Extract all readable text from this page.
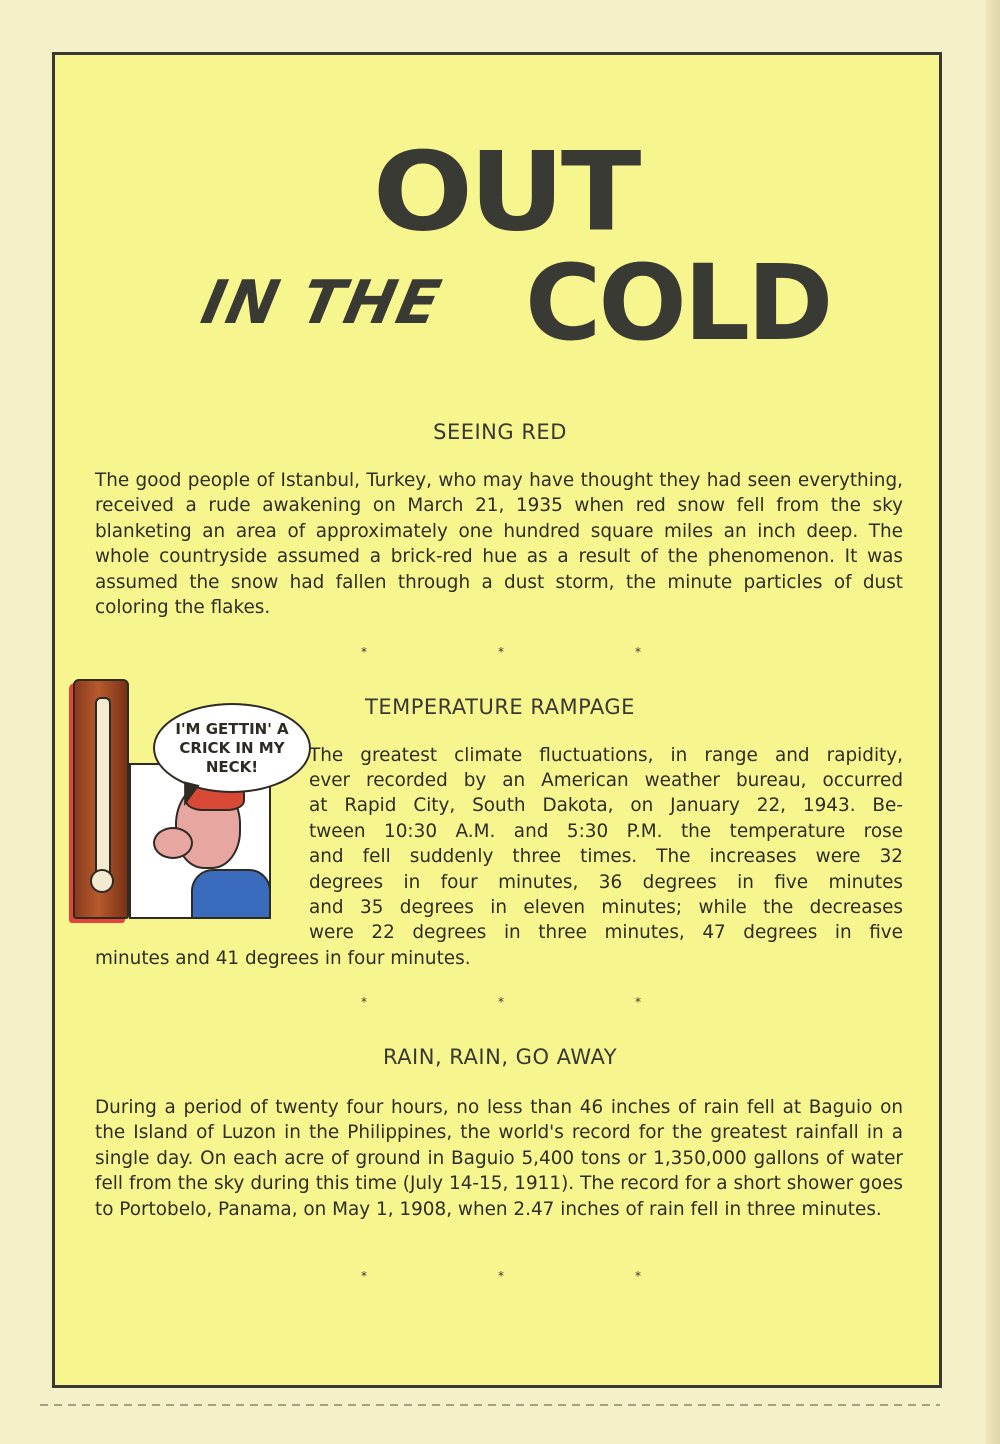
OUT
IN THE COLD
SEEING RED
The good people of Istanbul, Turkey, who may have thought they had seen everything, received a rude awakening on March 21, 1935 when red snow fell from the sky blanketing an area of approximately one hundred square miles an inch deep. The whole countryside assumed a brick-red hue as a result of the phenomenon. It was assumed the snow had fallen through a dust storm, the minute particles of dust coloring the flakes.
*	*	*
I'M GETTIN' A CRICK IN MY NECK!
TEMPERATURE RAMPAGE
The greatest climate fluctuations, in range and rapidity,
ever recorded by an American weather bureau, occurred
at Rapid City, South Dakota, on January 22, 1943. Be-
tween 10:30 A.M. and 5:30 P.M. the temperature rose
and fell suddenly three times. The increases were 32
degrees in four minutes, 36 degrees in five minutes
and 35 degrees in eleven minutes; while the decreases
were 22 degrees in three minutes, 47 degrees in five
minutes and 41 degrees in four minutes.
*	*	*
RAIN, RAIN, GO AWAY
During a period of twenty four hours, no less than 46 inches of rain fell at Baguio on the Island of Luzon in the Philippines, the world's record for the greatest rainfall in a single day. On each acre of ground in Baguio 5,400 tons or 1,350,000 gallons of water fell from the sky during this time (July 14-15, 1911). The record for a short shower goes to Portobelo, Panama, on May 1, 1908, when 2.47 inches of rain fell in three minutes.
*	*	*
